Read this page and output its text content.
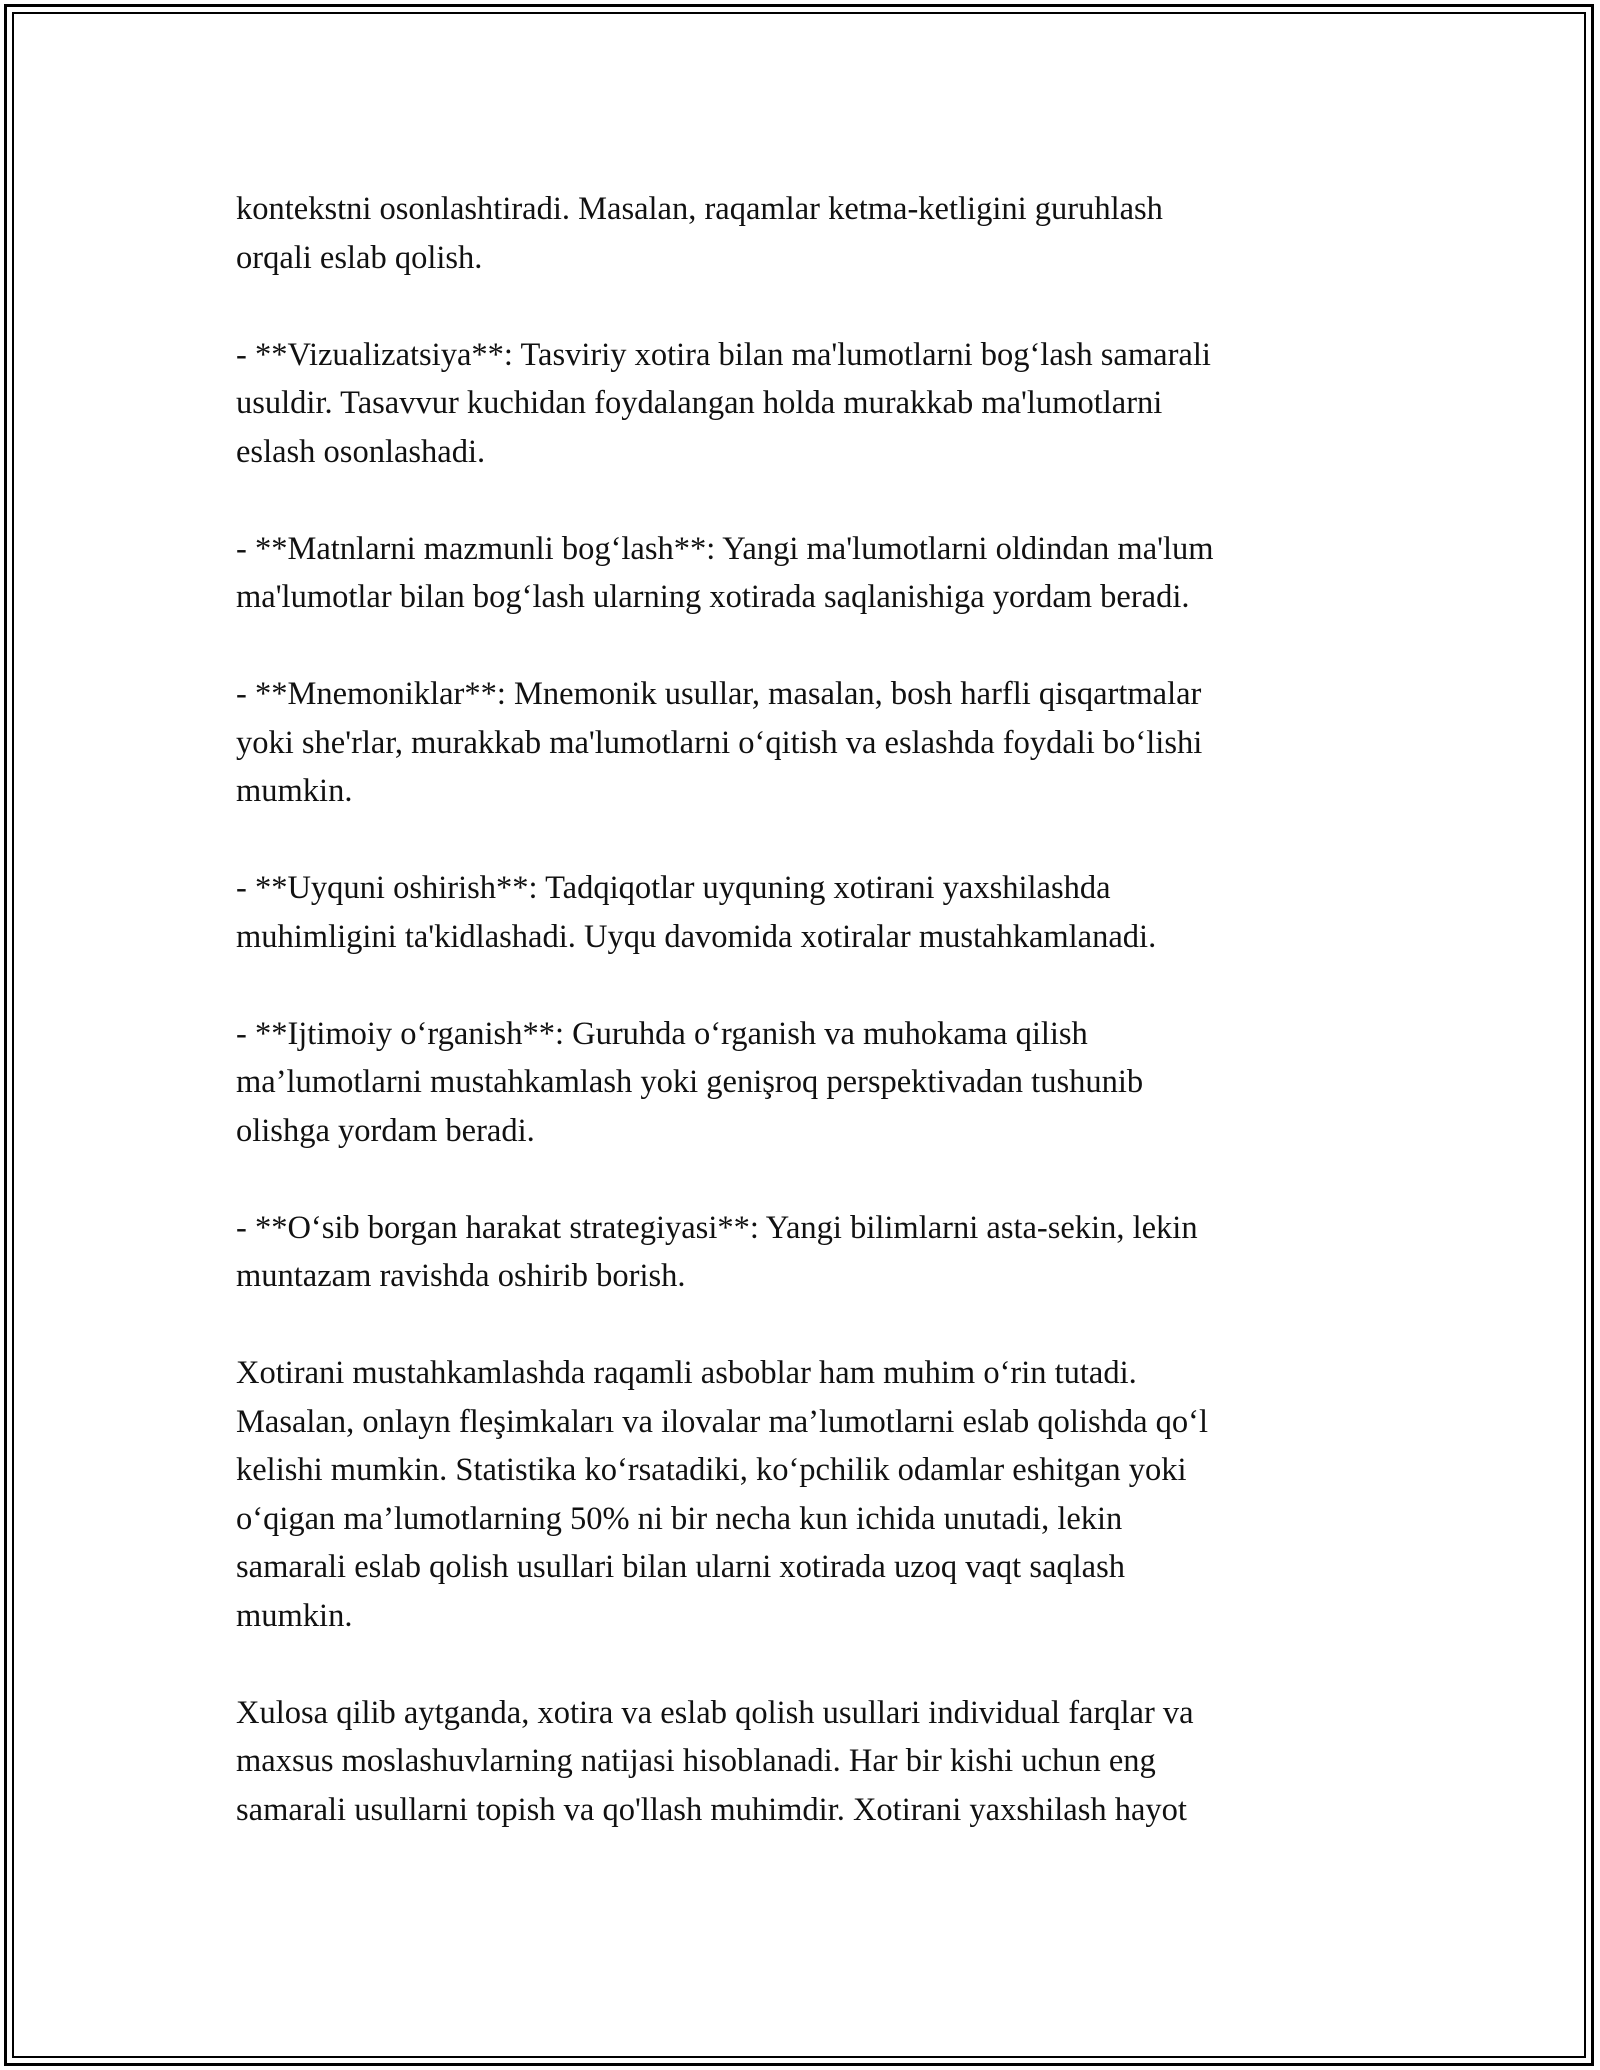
kontekstni osonlashtiradi. Masalan, raqamlar ketma-ketligini guruhlash
orqali eslab qolish.

- **Vizualizatsiya**: Tasviriy xotira bilan ma'lumotlarni bog‘lash samarali
usuldir. Tasavvur kuchidan foydalangan holda murakkab ma'lumotlarni
eslash osonlashadi.

- **Matnlarni mazmunli bog‘lash**: Yangi ma'lumotlarni oldindan ma'lum
ma'lumotlar bilan bog‘lash ularning xotirada saqlanishiga yordam beradi.

- **Mnemoniklar**: Mnemonik usullar, masalan, bosh harfli qisqartmalar
yoki she'rlar, murakkab ma'lumotlarni o‘qitish va eslashda foydali bo‘lishi
mumkin.

- **Uyquni oshirish**: Tadqiqotlar uyquning xotirani yaxshilashda
muhimligini ta'kidlashadi. Uyqu davomida xotiralar mustahkamlanadi.

- **Ijtimoiy o‘rganish**: Guruhda o‘rganish va muhokama qilish
ma’lumotlarni mustahkamlash yoki genişroq perspektivadan tushunib
olishga yordam beradi.

- **O‘sib borgan harakat strategiyasi**: Yangi bilimlarni asta-sekin, lekin
muntazam ravishda oshirib borish.

Xotirani mustahkamlashda raqamli asboblar ham muhim o‘rin tutadi.
Masalan, onlayn fleşimkaları va ilovalar ma’lumotlarni eslab qolishda qo‘l
kelishi mumkin. Statistika ko‘rsatadiki, ko‘pchilik odamlar eshitgan yoki
o‘qigan ma’lumotlarning 50% ni bir necha kun ichida unutadi, lekin
samarali eslab qolish usullari bilan ularni xotirada uzoq vaqt saqlash
mumkin.

Xulosa qilib aytganda, xotira va eslab qolish usullari individual farqlar va
maxsus moslashuvlarning natijasi hisoblanadi. Har bir kishi uchun eng
samarali usullarni topish va qo'llash muhimdir. Xotirani yaxshilash hayot
